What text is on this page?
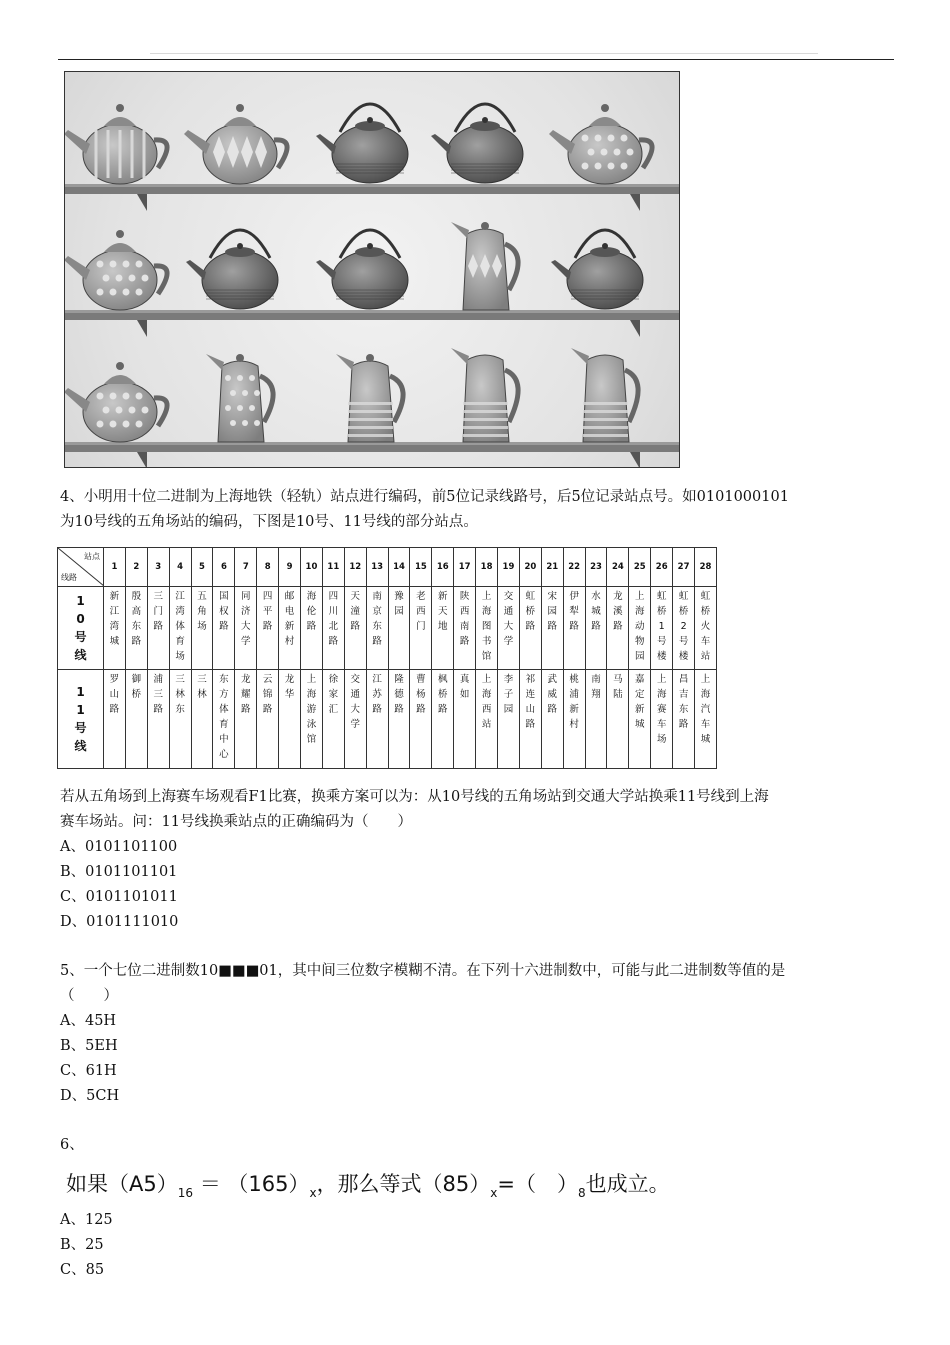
4、小明用十位二进制为上海地铁（轻轨）站点进行编码，前5位记录线路号，后5位记录站点号。如0101000101
为10号线的五角场站的编码，下图是10号、11号线的部分站点。
站点
线路	1	2	3	4	5	6	7	8	9	10	11	12	13	14	15	16	17	18	19	20	21	22	23	24	25	26	27	28

10号线	新江湾城	殷高东路	三门路	江湾体育场	五角场	国权路	同济大学	四平路	邮电新村	海伦路	四川北路	天潼路	南京东路	豫园	老西门	新天地	陕西南路	上海图书馆	交通大学	虹桥路	宋园路	伊犁路	水城路	龙溪路	上海动物园	虹桥1号楼	虹桥2号楼	虹桥火车站

11号线	罗山路	御桥	浦三路	三林东	三林	东方体育中心	龙耀路	云锦路	龙华	上海游泳馆	徐家汇	交通大学	江苏路	隆德路	曹杨路	枫桥路	真如	上海西站	李子园	祁连山路	武威路	桃浦新村	南翔	马陆	嘉定新城	上海赛车场	昌吉东路	上海汽车城
若从五角场到上海赛车场观看F1比赛，换乘方案可以为：从10号线的五角场站到交通大学站换乘11号线到上海
赛车场站。问：11号线换乘站点的正确编码为（　　）
A、0101101100
B、0101101101
C、0101101011
D、0101111010
5、一个七位二进制数10■■■01，其中间三位数字模糊不清。在下列十六进制数中，可能与此二进制数等值的是
（　　）
A、45H
B、5EH
C、61H
D、5CH
6、
如果$(A5)_{16} = (165)_x$，那么等式$(85)_x=$（　）$_8$也成立。
A、125
B、25
C、85
